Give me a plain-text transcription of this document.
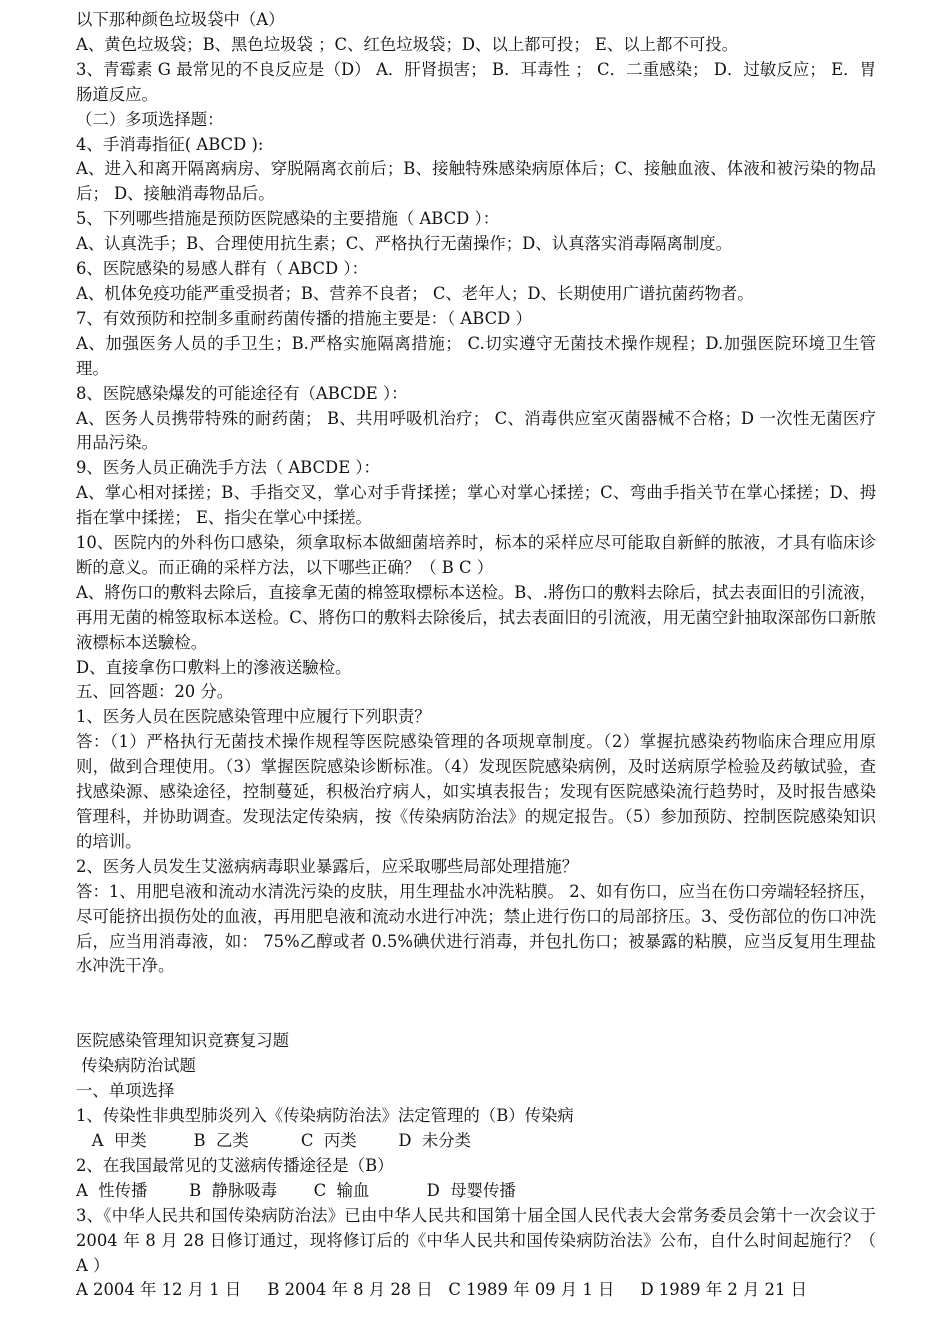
以下那种颜色垃圾袋中（A）

A、黄色垃圾袋；B、黑色垃圾袋 ；C、红色垃圾袋；D、以上都可投； E、以上都不可投。

3、青霉素 G 最常见的不良反应是（D） A．肝肾损害； B．耳毒性 ； C．二重感染； D．过敏反应； E．胃肠道反应。

（二）多项选择题：

4、手消毒指征( ABCD ):

A、进入和离开隔离病房、穿脱隔离衣前后；B、接触特殊感染病原体后；C、接触血液、体液和被污染的物品后； D、接触消毒物品后。

5、下列哪些措施是预防医院感染的主要措施（ ABCD ）：

A、认真洗手；B、合理使用抗生素；C、严格执行无菌操作；D、认真落实消毒隔离制度。

6、医院感染的易感人群有（ ABCD ）：

A、机体免疫功能严重受损者；B、营养不良者； C、老年人；D、长期使用广谱抗菌药物者。

7、有效预防和控制多重耐药菌传播的措施主要是：（ ABCD ）

A、加强医务人员的手卫生；B.严格实施隔离措施； C.切实遵守无菌技术操作规程；D.加强医院环境卫生管理。

8、医院感染爆发的可能途径有（ABCDE ）：

A、医务人员携带特殊的耐药菌； B、共用呼吸机治疗； C、消毒供应室灭菌器械不合格；D 一次性无菌医疗用品污染。

9、医务人员正确洗手方法（ ABCDE ）：

A、掌心相对揉搓；B、手指交叉，掌心对手背揉搓；掌心对掌心揉搓；C、弯曲手指关节在掌心揉搓；D、拇指在掌中揉搓； E、指尖在掌心中揉搓。

10、医院内的外科伤口感染，须拿取标本做細菌培养时，标本的采样应尽可能取自新鲜的脓液，才具有临床诊断的意义。而正确的采样方法，以下哪些正确？（ B C ）

A、將伤口的敷料去除后，直接拿无菌的棉签取標标本送检。B、.將伤口的敷料去除后，拭去表面旧的引流液，再用无菌的棉签取标本送检。C、將伤口的敷料去除後后，拭去表面旧的引流液，用无菌空針抽取深部伤口新脓液標标本送驗检。

D、直接拿伤口敷料上的滲液送驗检。

五、回答题：20 分。

1、医务人员在医院感染管理中应履行下列职责？

答：（1）严格执行无菌技术操作规程等医院感染管理的各项规章制度。（2）掌握抗感染药物临床合理应用原则，做到合理使用。（3）掌握医院感染诊断标准。（4）发现医院感染病例，及时送病原学检验及药敏试验，查找感染源、感染途径，控制蔓延，积极治疗病人，如实填表报告；发现有医院感染流行趋势时，及时报告感染管理科，并协助调查。发现法定传染病，按《传染病防治法》的规定报告。（5）参加预防、控制医院感染知识的培训。

2、医务人员发生艾滋病病毒职业暴露后，应采取哪些局部处理措施？

答：1、用肥皂液和流动水清洗污染的皮肤，用生理盐水冲洗粘膜。 2、如有伤口，应当在伤口旁端轻轻挤压，尽可能挤出损伤处的血液，再用肥皂液和流动水进行冲洗；禁止进行伤口的局部挤压。3、受伤部位的伤口冲洗后，应当用消毒液，如： 75%乙醇或者 0.5%碘伏进行消毒，并包扎伤口；被暴露的粘膜，应当反复用生理盐水冲洗干净。

医院感染管理知识竞赛复习题

传染病防治试题

一、单项选择

1、传染性非典型肺炎列入《传染病防治法》法定管理的（B）传染病

A  甲类         B  乙类          C  丙类        D  未分类

2、在我国最常见的艾滋病传播途径是（B）

A  性传播        B  静脉吸毒       C  输血           D  母婴传播

3、《中华人民共和国传染病防治法》已由中华人民共和国第十届全国人民代表大会常务委员会第十一次会议于 2004 年 8 月 28 日修订通过，现将修订后的《中华人民共和国传染病防治法》公布，自什么时间起施行？（ A ）

A 2004 年 12 月 1 日     B 2004 年 8 月 28 日   C 1989 年 09 月 1 日     D 1989 年 2 月 21 日
